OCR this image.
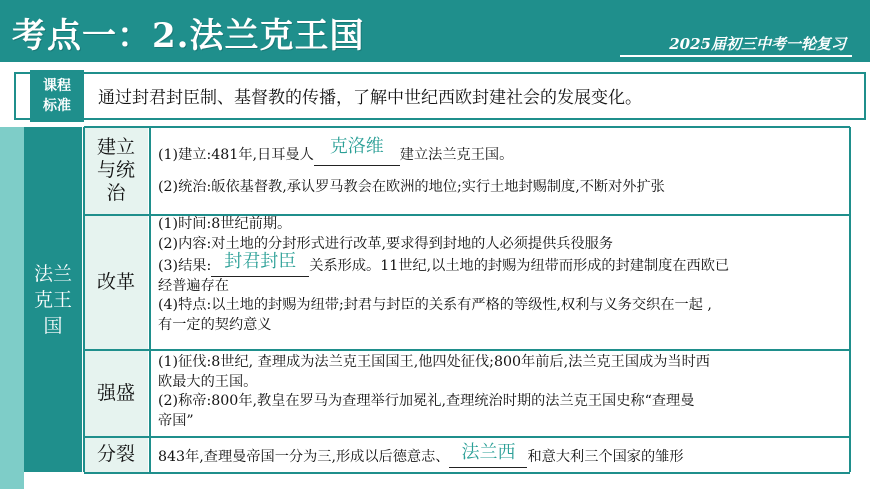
考点一：2.法兰克王国	2025届初三中考一轮复习
课程
标准 通过封君封臣制、基督教的传播，了解中世纪西欧封建社会的发展变化。
法兰克王国
建立与统治
(1)建立:481年,日耳曼人 克洛维 建立法兰克王国。
(2)统治:皈依基督教,承认罗马教会在欧洲的地位;实行土地封赐制度,不断对外扩张
改革
(1)时间:8世纪前期。
(2)内容:对土地的分封形式进行改革,要求得到封地的人必须提供兵役服务
(3)结果: 封君封臣 关系形成。11世纪,以土地的封赐为纽带而形成的封建制度在西欧已
经普遍存在
(4)特点:以土地的封赐为纽带;封君与封臣的关系有严格的等级性,权利与义务交织在一起 ,
有一定的契约意义
强盛
(1)征伐:8世纪, 查理成为法兰克王国国王,他四处征伐;800年前后,法兰克王国成为当时西
欧最大的王国。
(2)称帝:800年,教皇在罗马为查理举行加冕礼,查理统治时期的法兰克王国史称“查理曼
帝国”
分裂	843年,查理曼帝国一分为三,形成以后德意志、 法兰西 和意大利三个国家的雏形
